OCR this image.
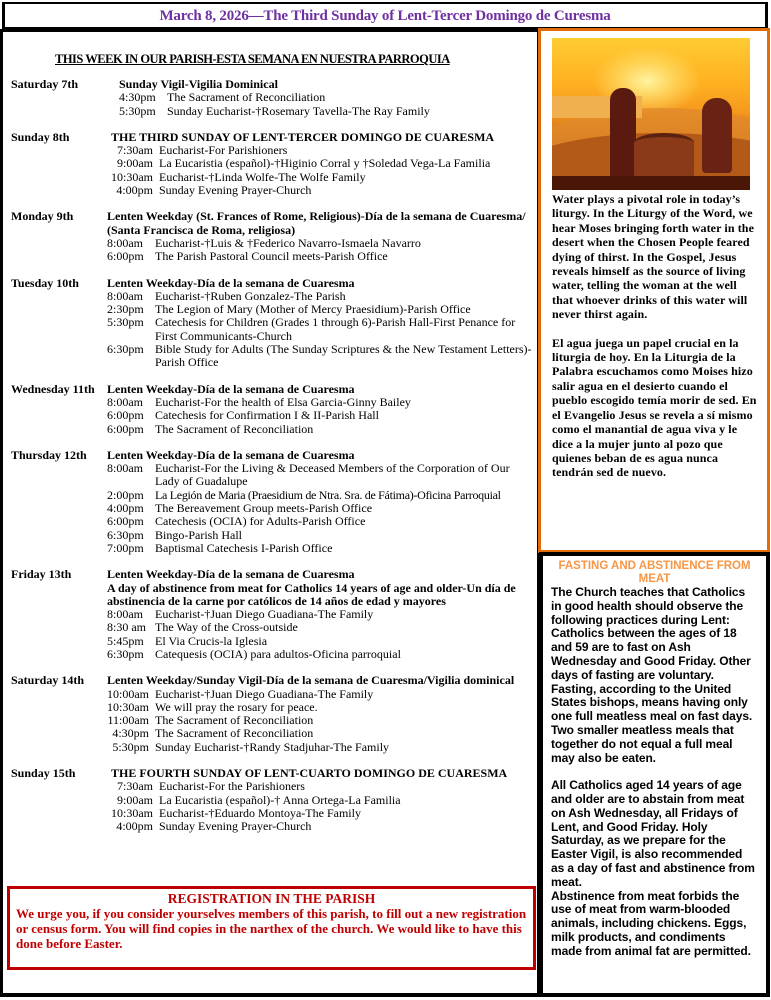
March 8, 2026—The Third Sunday of Lent-Tercer Domingo de Curesma
THIS WEEK IN OUR PARISH-ESTA SEMANA EN NUESTRA PARROQUIA
Saturday 7th	Sunday Vigil-Vigilia Dominical
4:30pm The Sacrament of Reconciliation
5:30pm Sunday Eucharist-†Rosemary Tavella-The Ray Family
Sunday 8th	THE THIRD SUNDAY OF LENT-TERCER DOMINGO DE CUARESMA
7:30am Eucharist-For Parishioners
9:00am La Eucaristia (español)-†Higinio Corral y †Soledad Vega-La Familia
10:30am Eucharist-†Linda Wolfe-The Wolfe Family
4:00pm Sunday Evening Prayer-Church
Monday 9th	Lenten Weekday (St. Frances of Rome, Religious)-Día de la semana de Cuaresma/ (Santa Francisca de Roma, religiosa)
8:00am	Eucharist-†Luis & †Federico Navarro-Ismaela Navarro
6:00pm The Parish Pastoral Council meets-Parish Office
Tuesday 10th	Lenten Weekday-Día de la semana de Cuaresma
8:00am	Eucharist-†Ruben Gonzalez-The Parish
2:30pm The Legion of Mary (Mother of Mercy Praesidium)-Parish Office
5:30pm Catechesis for Children (Grades 1 through 6)-Parish Hall-First Penance for First Communicants-Church
6:30pm Bible Study for Adults (The Sunday Scriptures & the New Testament Letters)-Parish Office
Wednesday 11th	Lenten Weekday-Día de la semana de Cuaresma
8:00am	Eucharist-For the health of Elsa Garcia-Ginny Bailey
6:00pm Catechesis for Confirmation I & II-Parish Hall
6:00pm The Sacrament of Reconciliation
Thursday 12th	Lenten Weekday-Día de la semana de Cuaresma
8:00am	Eucharist-For the Living & Deceased Members of the Corporation of Our Lady of Guadalupe
2:00pm La Legión de Maria (Praesidium de Ntra. Sra. de Fátima)-Oficina Parroquial
4:00pm The Bereavement Group meets-Parish Office
6:00pm Catechesis (OCIA) for Adults-Parish Office
6:30pm Bingo-Parish Hall
7:00pm Baptismal Catechesis I-Parish Office
Friday 13th	Lenten Weekday-Día de la semana de Cuaresma
A day of abstinence from meat for Catholics 14 years of age and older-Un día de abstinencia de la carne por católicos de 14 años de edad y mayores
8:00am	Eucharist-†Juan Diego Guadiana-The Family
8:30 am The Way of the Cross-outside
5:45pm El Via Crucis-la Iglesia
6:30pm Catequesis (OCIA) para adultos-Oficina parroquial
Saturday 14th	Lenten Weekday/Sunday Vigil-Día de la semana de Cuaresma/Vigilia dominical
10:00am Eucharist-†Juan Diego Guadiana-The Family
10:30am We will pray the rosary for peace.
11:00am The Sacrament of Reconciliation
4:30pm The Sacrament of Reconciliation
5:30pm Sunday Eucharist-†Randy Stadjuhar-The Family
Sunday 15th	THE FOURTH SUNDAY OF LENT-CUARTO DOMINGO DE CUARESMA
7:30am Eucharist-For the Parishioners
9:00am La Eucaristia (español)-† Anna Ortega-La Familia
10:30am Eucharist-†Eduardo Montoya-The Family
4:00pm Sunday Evening Prayer-Church
REGISTRATION IN THE PARISH
We urge you, if you consider yourselves members of this parish, to fill out a new registration or census form. You will find copies in the narthex of the church. We would like to have this done before Easter.

Water plays a pivotal role in today’s liturgy. In the Liturgy of the Word, we hear Moses bringing forth water in the desert when the Chosen People feared dying of thirst. In the Gospel, Jesus reveals himself as the source of living water, telling the woman at the well that whoever drinks of this water will never thirst again.

El agua juega un papel crucial en la liturgia de hoy. En la Liturgia de la Palabra escuchamos como Moises hizo salir agua en el desierto cuando el pueblo escogido temía morir de sed. En el Evangelio Jesus se revela a sí mismo como el manantial de agua viva y le dice a la mujer junto al pozo que quienes beban de es agua nunca tendrán sed de nuevo.

FASTING AND ABSTINENCE FROM MEAT

The Church teaches that Catholics in good health should observe the following practices during Lent: Catholics between the ages of 18 and 59 are to fast on Ash Wednesday and Good Friday. Other days of fasting are voluntary. Fasting, according to the United States bishops, means having only one full meatless meal on fast days. Two smaller meatless meals that together do not equal a full meal may also be eaten.

All Catholics aged 14 years of age and older are to abstain from meat on Ash Wednesday, all Fridays of Lent, and Good Friday. Holy Saturday, as we prepare for the Easter Vigil, is also recommended as a day of fast and abstinence from meat.

Abstinence from meat forbids the use of meat from warm-blooded animals, including chickens. Eggs, milk products, and condiments made from animal fat are permitted.
